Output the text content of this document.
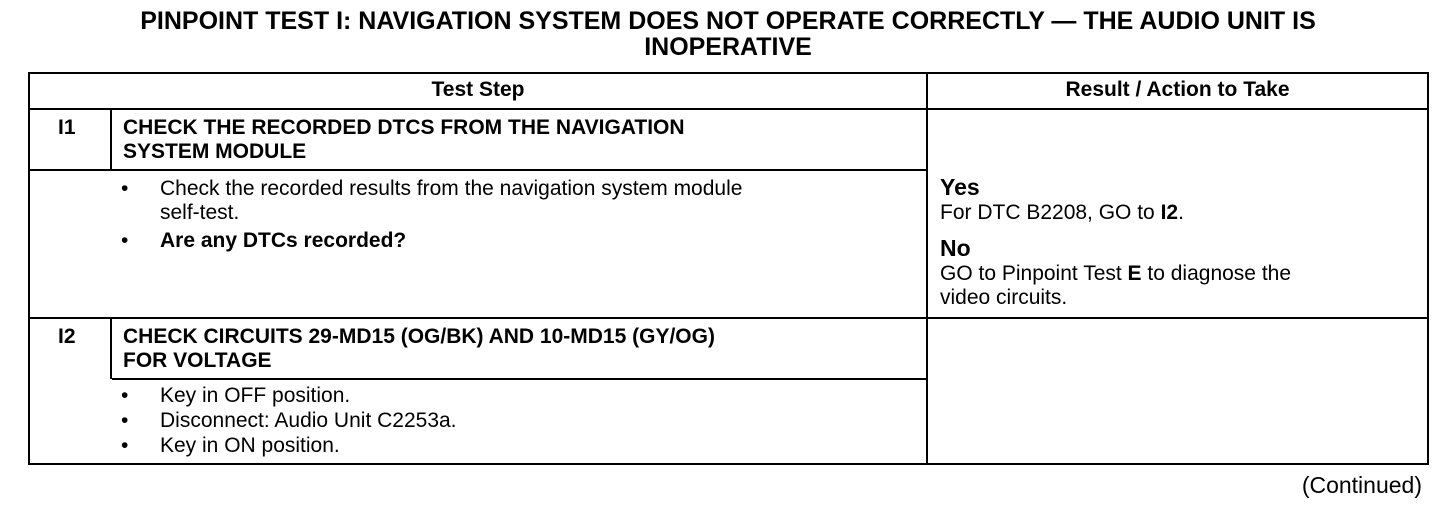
PINPOINT TEST I: NAVIGATION SYSTEM DOES NOT OPERATE CORRECTLY — THE AUDIO UNIT IS
INOPERATIVE
Test Step	Result / Action to Take
I1 CHECK THE RECORDED DTCS FROM THE NAVIGATION
SYSTEM MODULE
• Check the recorded results from the navigation system module
self-test.
• Are any DTCs recorded?
Yes
For DTC B2208, GO to I2.
No
GO to Pinpoint Test E to diagnose the
video circuits.
I2 CHECK CIRCUITS 29-MD15 (OG/BK) AND 10-MD15 (GY/OG)
FOR VOLTAGE
• Key in OFF position.
• Disconnect: Audio Unit C2253a.
• Key in ON position.
(Continued)
